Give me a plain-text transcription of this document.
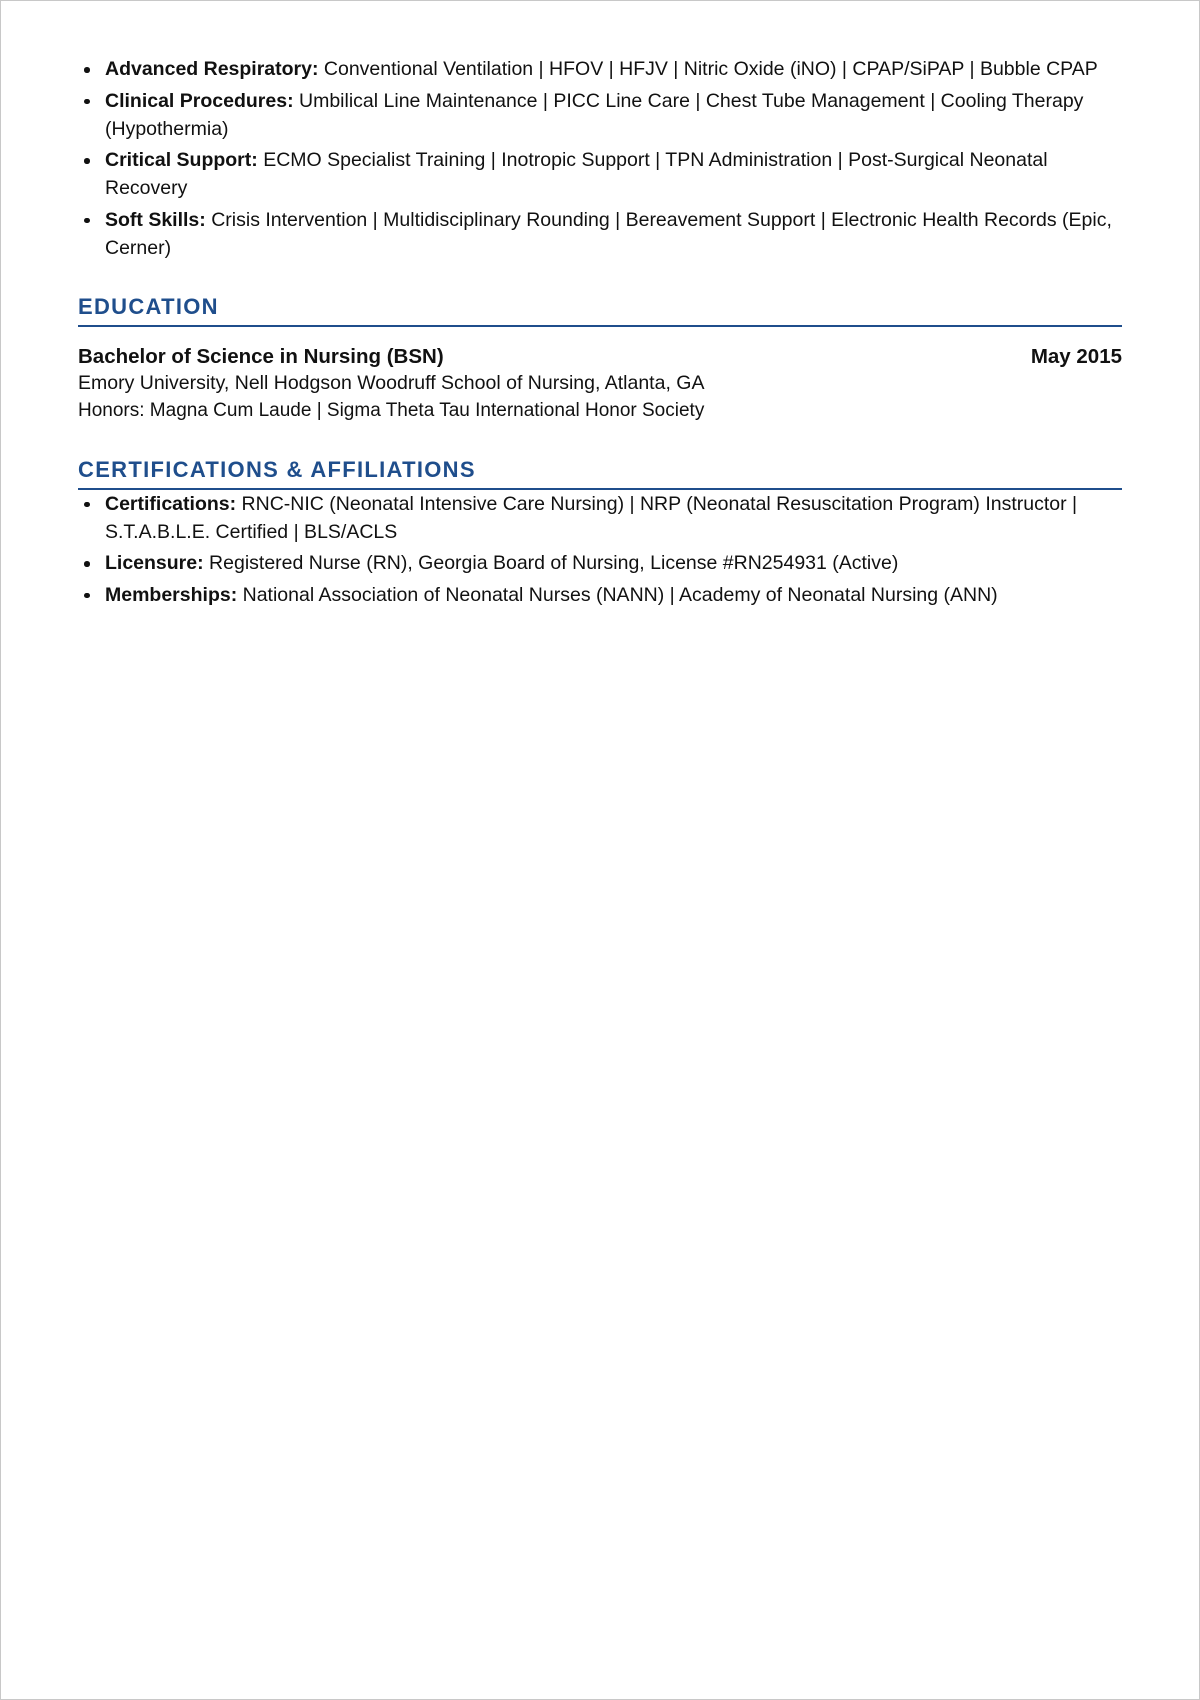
Advanced Respiratory: Conventional Ventilation | HFOV | HFJV | Nitric Oxide (iNO) | CPAP/SiPAP | Bubble CPAP
Clinical Procedures: Umbilical Line Maintenance | PICC Line Care | Chest Tube Management | Cooling Therapy (Hypothermia)
Critical Support: ECMO Specialist Training | Inotropic Support | TPN Administration | Post-Surgical Neonatal Recovery
Soft Skills: Crisis Intervention | Multidisciplinary Rounding | Bereavement Support | Electronic Health Records (Epic, Cerner)
EDUCATION
Bachelor of Science in Nursing (BSN)	May 2015
Emory University, Nell Hodgson Woodruff School of Nursing, Atlanta, GA
Honors: Magna Cum Laude | Sigma Theta Tau International Honor Society
CERTIFICATIONS & AFFILIATIONS
Certifications: RNC-NIC (Neonatal Intensive Care Nursing) | NRP (Neonatal Resuscitation Program) Instructor | S.T.A.B.L.E. Certified | BLS/ACLS
Licensure: Registered Nurse (RN), Georgia Board of Nursing, License #RN254931 (Active)
Memberships: National Association of Neonatal Nurses (NANN) | Academy of Neonatal Nursing (ANN)
